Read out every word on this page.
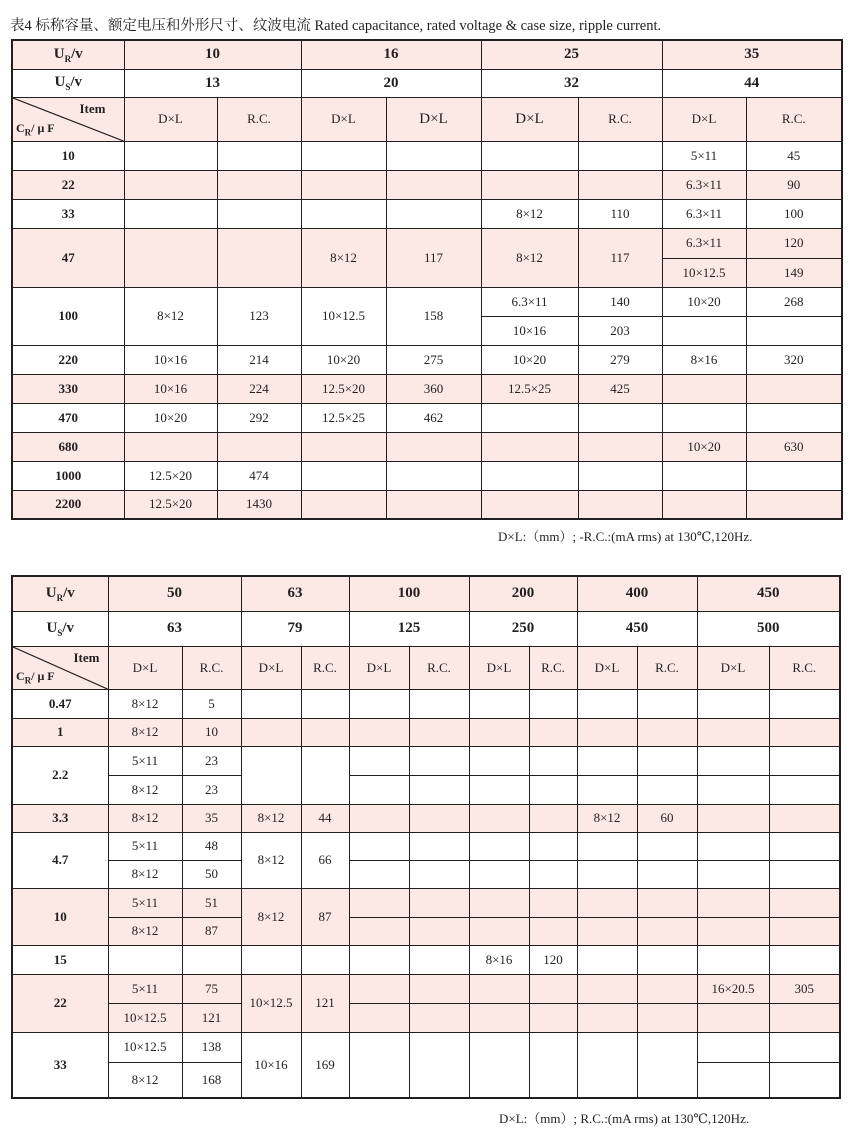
表4 标称容量、额定电压和外形尺寸、纹波电流 Rated capacitance, rated voltage & case size, ripple current.
$U_R/v$	10		16		25		35	
$U_S/v$	13		20		32		44	

Item
$C_R/$ μ F	D×L	R.C.	D×L	D×L	D×L	R.C.	D×L	R.C.
10							5×11	45
22							6.3×11	90
33					8×12	110	6.3×11	100
47			8×12	117	8×12	117	6.3×11	120
							10×12.5	149
100	8×12	123	10×12.5	158	6.3×11	140	10×20	268
					10×16	203		
220	10×16	214	10×20	275	10×20	279	8×16	320
330	10×16	224	12.5×20	360	12.5×25	425		
470	10×20	292	12.5×25	462				
680							10×20	630
1000	12.5×20	474						
2200	12.5×20	1430						
D×L:（mm）; -R.C.:(mA rms) at 130℃,120Hz.
$U_R/v$	50		63		100		200		400		450	
$U_S/v$	63		79		125		250		450		500	

Item
$C_R/$ μ F	D×L	R.C.	D×L	R.C.	D×L	R.C.	D×L	R.C.	D×L	R.C.	D×L	R.C.
0.47	8×12	5										
1	8×12	10										
2.2	5×11	23										
	8×12	23										
3.3	8×12	35	8×12	44					8×12	60		
4.7	5×11	48	8×12	66								
	8×12	50										
10	5×11	51	8×12	87								
	8×12	87										
15							8×16	120				
22	5×11	75	10×12.5	121							16×20.5	305
	10×12.5	121										
33	10×12.5	138	10×16	169								
	8×12	168										
D×L:（mm）; R.C.:(mA rms) at 130℃,120Hz.
